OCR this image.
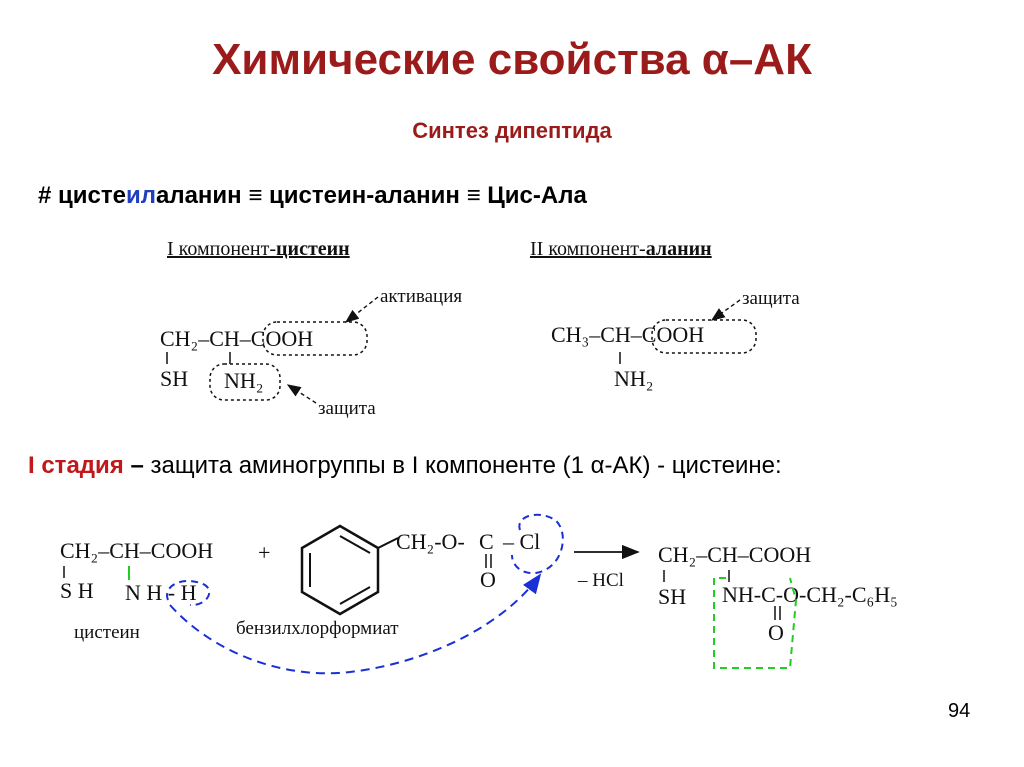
Химические свойства α–АК
Синтез дипептида
# цистеилаланин ≡ цистеин-аланин ≡ Цис-Ала
I компонент-цистеин
CH₂–CH–COOH
SH NH₂
активация
защита
II компонент-аланин
CH₃–CH–COOH
NH₂
защита
I стадия – защита аминогруппы в I компоненте (1 α-АК) - цистеине:
CH₂–CH–COOH
S H N H - H
цистеин
+	CH₂-O- C – Cl
O
бензилхлорформиат
– HCl
CH₂–CH–COOH
SH NH-C-O-CH₂-C₆H₅
O
94
